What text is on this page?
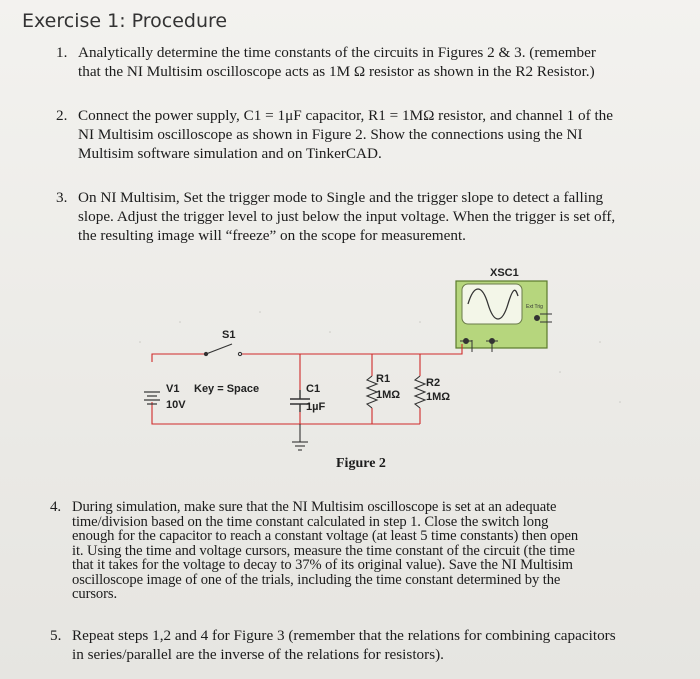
Exercise 1: Procedure
1. Analytically determine the time constants of the circuits in Figures 2 & 3. (remember
that the NI Multisim oscilloscope acts as 1M Ω resistor as shown in the R2 Resistor.)
2. Connect the power supply, C1 = 1μF capacitor, R1 = 1MΩ resistor, and channel 1 of the
NI Multisim oscilloscope as shown in Figure 2. Show the connections using the NI
Multisim software simulation and on TinkerCAD.
3. On NI Multisim, Set the trigger mode to Single and the trigger slope to detect a falling
slope. Adjust the trigger level to just below the input voltage. When the trigger is set off,
the resulting image will “freeze” on the scope for measurement.
XSC1
Ext Trig
S1
V1 Key = Space
10V
C1
1µF
R1
1MΩ
R2
1MΩ
Figure 2
4. During simulation, make sure that the NI Multisim oscilloscope is set at an adequate
time/division based on the time constant calculated in step 1. Close the switch long
enough for the capacitor to reach a constant voltage (at least 5 time constants) then open
it. Using the time and voltage cursors, measure the time constant of the circuit (the time
that it takes for the voltage to decay to 37% of its original value). Save the NI Multisim
oscilloscope image of one of the trials, including the time constant determined by the
cursors.
5. Repeat steps 1,2 and 4 for Figure 3 (remember that the relations for combining capacitors
in series/parallel are the inverse of the relations for resistors).
